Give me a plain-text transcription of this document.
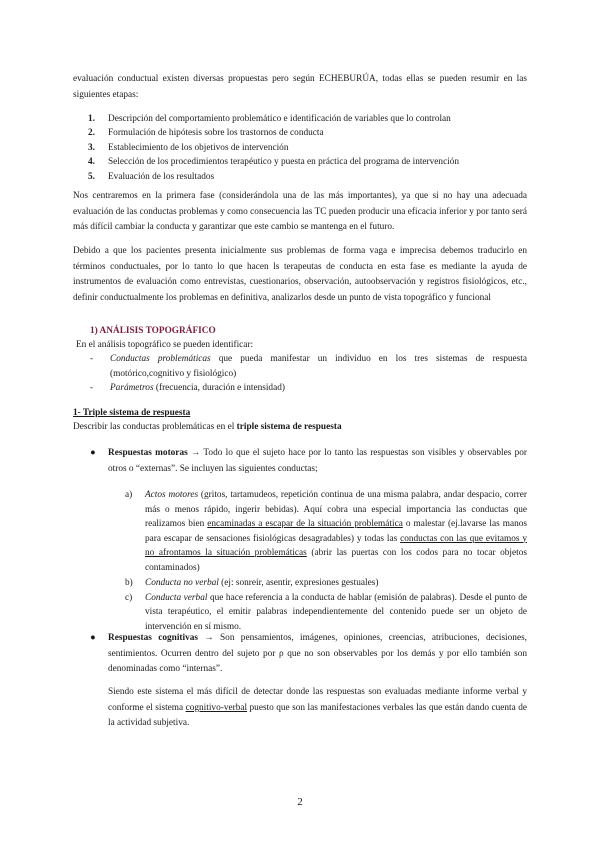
evaluación conductual existen diversas propuestas pero según ECHEBURÚA, todas ellas se pueden resumir en las siguientes etapas:

1.	Descripción del comportamiento problemático e identificación de variables que lo controlan
2.	Formulación de hipótesis sobre los trastornos de conducta
3.	Establecimiento de los objetivos de intervención
4.	Selección de los procedimientos terapéutico y puesta en práctica del programa de intervención
5.	Evaluación de los resultados

Nos centraremos en la primera fase (considerándola una de las más importantes), ya que si no hay una adecuada evaluación de las conductas problemas y como consecuencia las TC pueden producir una eficacia inferior y por tanto será más difícil cambiar la conducta y garantizar que este cambio se mantenga en el futuro.

Debido a que los pacientes presenta inicialmente sus problemas de forma vaga e imprecisa debemos traducirlo en términos conductuales, por lo tanto lo que hacen ls terapeutas de conducta en esta fase es mediante la ayuda de instrumentos de evaluación como entrevistas, cuestionarios, observación, autoobservación y registros fisiológicos, etc., definir conductualmente los problemas en definitiva, analizarlos desde un punto de vista topográfico y funcional

1) ANÁLISIS TOPOGRÁFICO
En el análisis topográfico se pueden identificar:
- Conductas problemáticas que pueda manifestar un individuo en los tres sistemas de respuesta (motórico,cognitivo y fisiológico)
- Parámetros (frecuencia, duración e intensidad)
1- Triple sistema de respuesta
Describir las conductas problemáticas en el triple sistema de respuesta
● Respuestas motoras → Todo lo que el sujeto hace por lo tanto las respuestas son visibles y observables por otros o “externas”. Se incluyen las siguientes conductas;
a) Actos motores (gritos, tartamudeos, repetición continua de una misma palabra, andar despacio, correr más o menos rápido, ingerir bebidas). Aquí cobra una especial importancia las conductas que realizamos bien encaminadas a escapar de la situación problemática o malestar (ej.lavarse las manos para escapar de sensaciones fisiológicas desagradables) y todas las conductas con las que evitamos y no afrontamos la situación problemáticas (abrir las puertas con los codos para no tocar objetos contaminados)
b) Conducta no verbal (ej: sonreír, asentir, expresiones gestuales)
c) Conducta verbal que hace referencia a la conducta de hablar (emisión de palabras). Desde el punto de vista terapéutico, el emitir palabras independientemente del contenido puede ser un objeto de intervención en sí mismo.
● Respuestas cognitivas → Son pensamientos, imágenes, opiniones, creencias, atribuciones, decisiones, sentimientos. Ocurren dentro del sujeto por ρ que no son observables por los demás y por ello también son denominadas como “internas”.

Siendo este sistema el más difícil de detectar donde las respuestas son evaluadas mediante informe verbal y conforme el sistema cognitivo-verbal puesto que son las manifestaciones verbales las que están dando cuenta de la actividad subjetiva.

2
